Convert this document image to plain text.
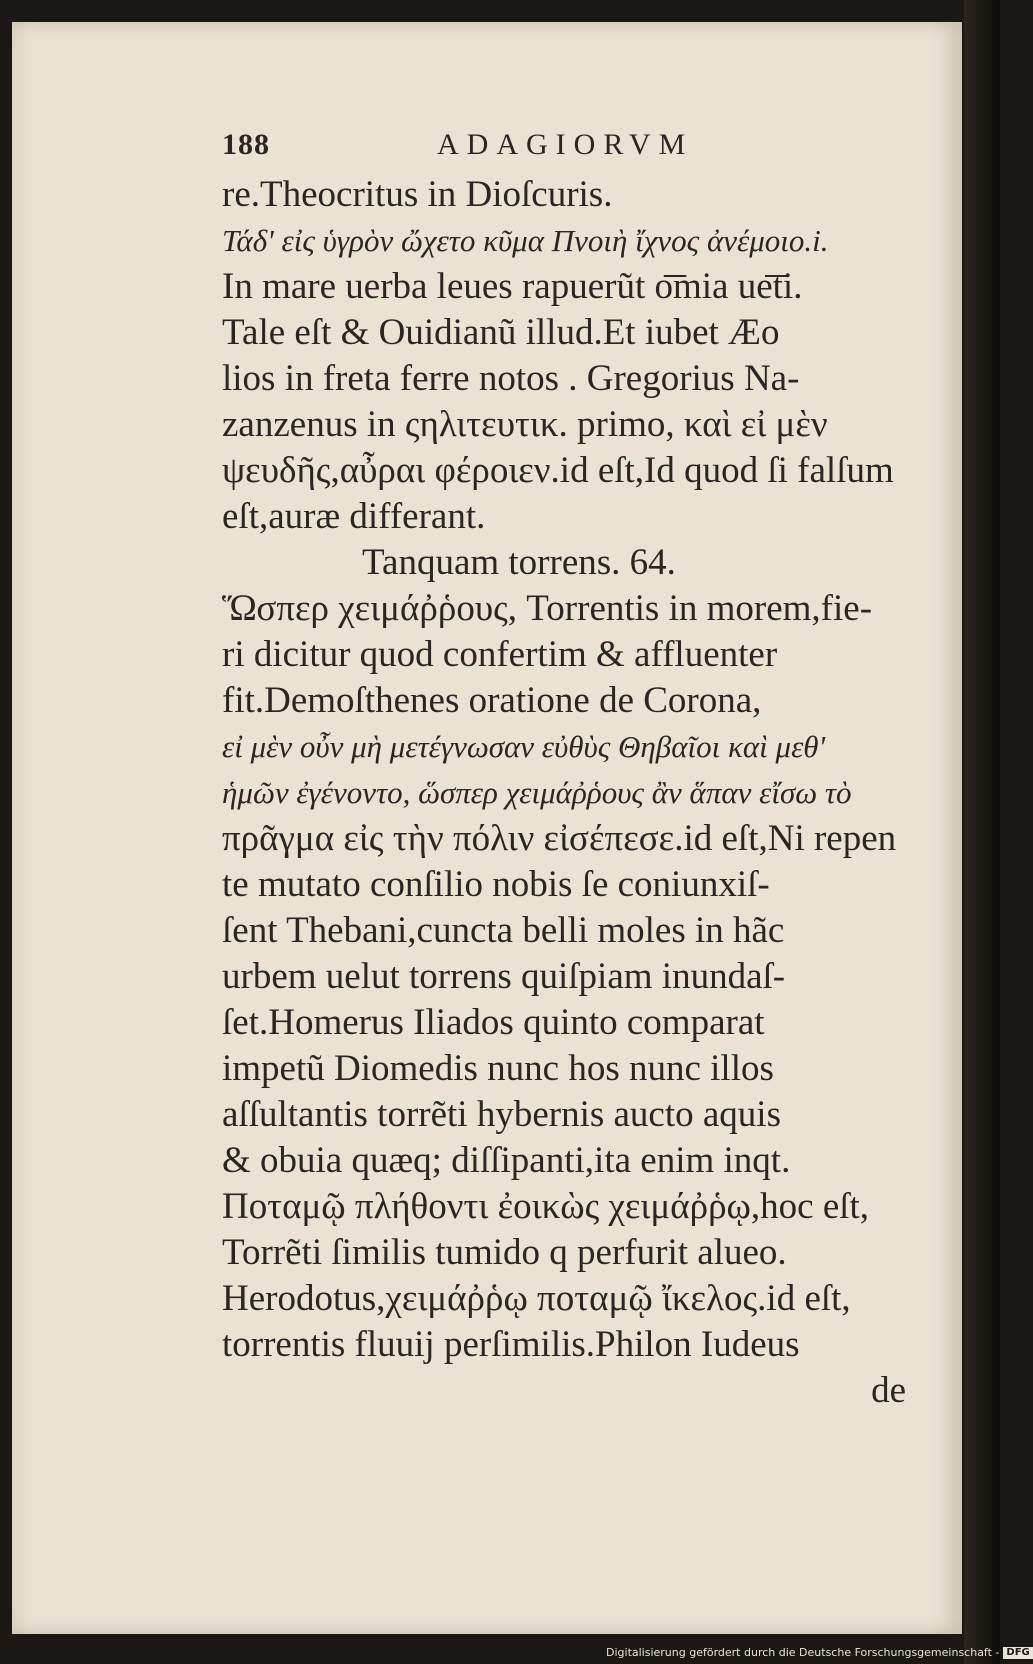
188	ADAGIORVM
re.Theocritus in Dioſcuris.
Τάδ' εἰς ὑγρὸν ὤχετο κῦμα Πνοιὴ ἴχνος ἀνέμοιο.i.
In mare uerba leues rapuerũt o͞mia ue͞ti.
Tale eſt & Ouidianũ illud.Et iubet Æo
lios in freta ferre notos . Gregorius Na-
zanzenus in ςηλιτευτικ. primo, καὶ εἰ μὲν
ψευδῆς,αὖραι φέροιεν.id eſt,Id quod ſi falſum
eſt,auræ differant.
Tanquam torrens. 64.
Ὥσπερ χειμάῤῥους, Torrentis in morem,fie-
ri dicitur quod confertim & affluenter
fit.Demoſthenes oratione de Corona,
εἰ μὲν οὖν μὴ μετέγνωσαν εὐθὺς Θηβαῖοι καὶ μεθ'
ἡμῶν ἐγένοντο, ὥσπερ χειμάῤῥους ἂν ἅπαν εἴσω τὸ
πρᾶγμα εἰς τὴν πόλιν εἰσέπεσε.id eſt,Ni repen
te mutato conſilio nobis ſe coniunxiſ-
ſent Thebani,cuncta belli moles in hãc
urbem uelut torrens quiſpiam inundaſ-
ſet.Homerus Iliados quinto comparat
impetũ Diomedis nunc hos nunc illos
aſſultantis torrẽti hybernis aucto aquis
& obuia quæq; diſſipanti,ita enim inqt.
Ποταμῷ πλήθοντι ἐοικὼς χειμάῤῥῳ,hoc eſt,
Torrẽti ſimilis tumido q perfurit alueo.
Herodotus,χειμάῤῥῳ ποταμῷ ἴκελος.id eſt,
torrentis fluuij perſimilis.Philon Iudeus
de
Digitalisierung gefördert durch die Deutsche Forschungsgemeinschaft - DFG
